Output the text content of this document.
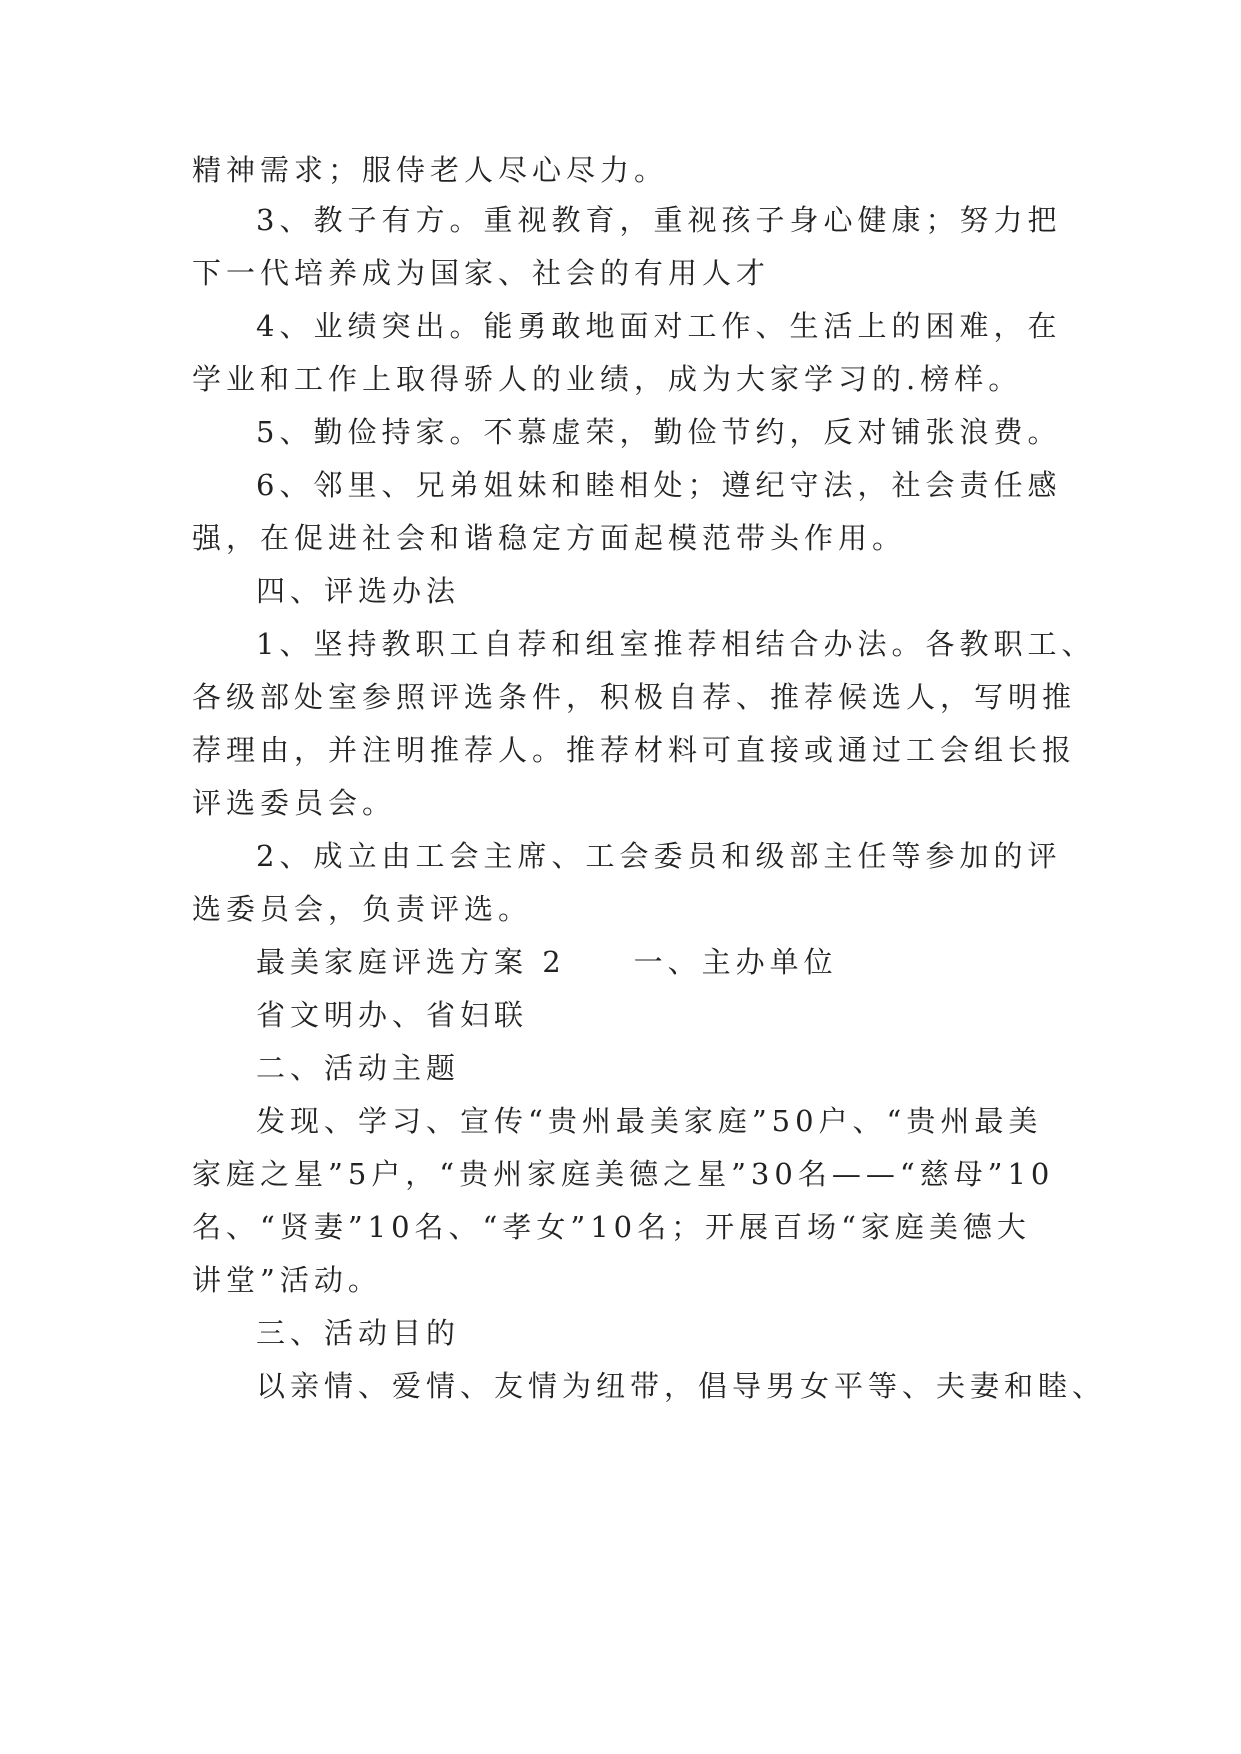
精神需求；服侍老人尽心尽力。
3、教子有方。重视教育，重视孩子身心健康；努力把
下一代培养成为国家、社会的有用人才
4、业绩突出。能勇敢地面对工作、生活上的困难，在
学业和工作上取得骄人的业绩，成为大家学习的.榜样。
5、勤俭持家。不慕虚荣，勤俭节约，反对铺张浪费。
6、邻里、兄弟姐妹和睦相处；遵纪守法，社会责任感
强，在促进社会和谐稳定方面起模范带头作用。
四、评选办法
1、坚持教职工自荐和组室推荐相结合办法。各教职工、
各级部处室参照评选条件，积极自荐、推荐候选人，写明推
荐理由，并注明推荐人。推荐材料可直接或通过工会组长报
评选委员会。
2、成立由工会主席、工会委员和级部主任等参加的评
选委员会，负责评选。
最美家庭评选方案 2　　一、主办单位
省文明办、省妇联
二、活动主题
发现、学习、宣传“贵州最美家庭”50户、“贵州最美
家庭之星”5户，“贵州家庭美德之星”30名——“慈母”10
名、“贤妻”10名、“孝女”10名；开展百场“家庭美德大
讲堂”活动。
三、活动目的
以亲情、爱情、友情为纽带，倡导男女平等、夫妻和睦、
